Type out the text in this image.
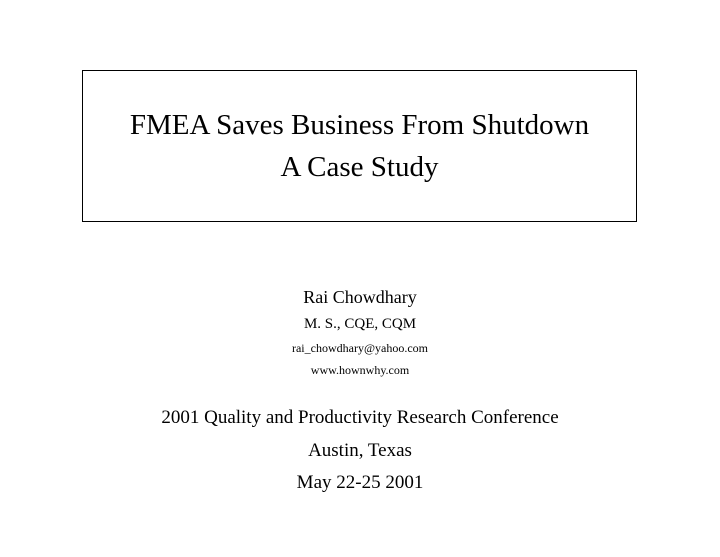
FMEA Saves Business From Shutdown
A Case Study
Rai Chowdhary
M. S., CQE, CQM
rai_chowdhary@yahoo.com
www.hownwhy.com
2001 Quality and Productivity Research Conference
Austin, Texas
May 22-25 2001
